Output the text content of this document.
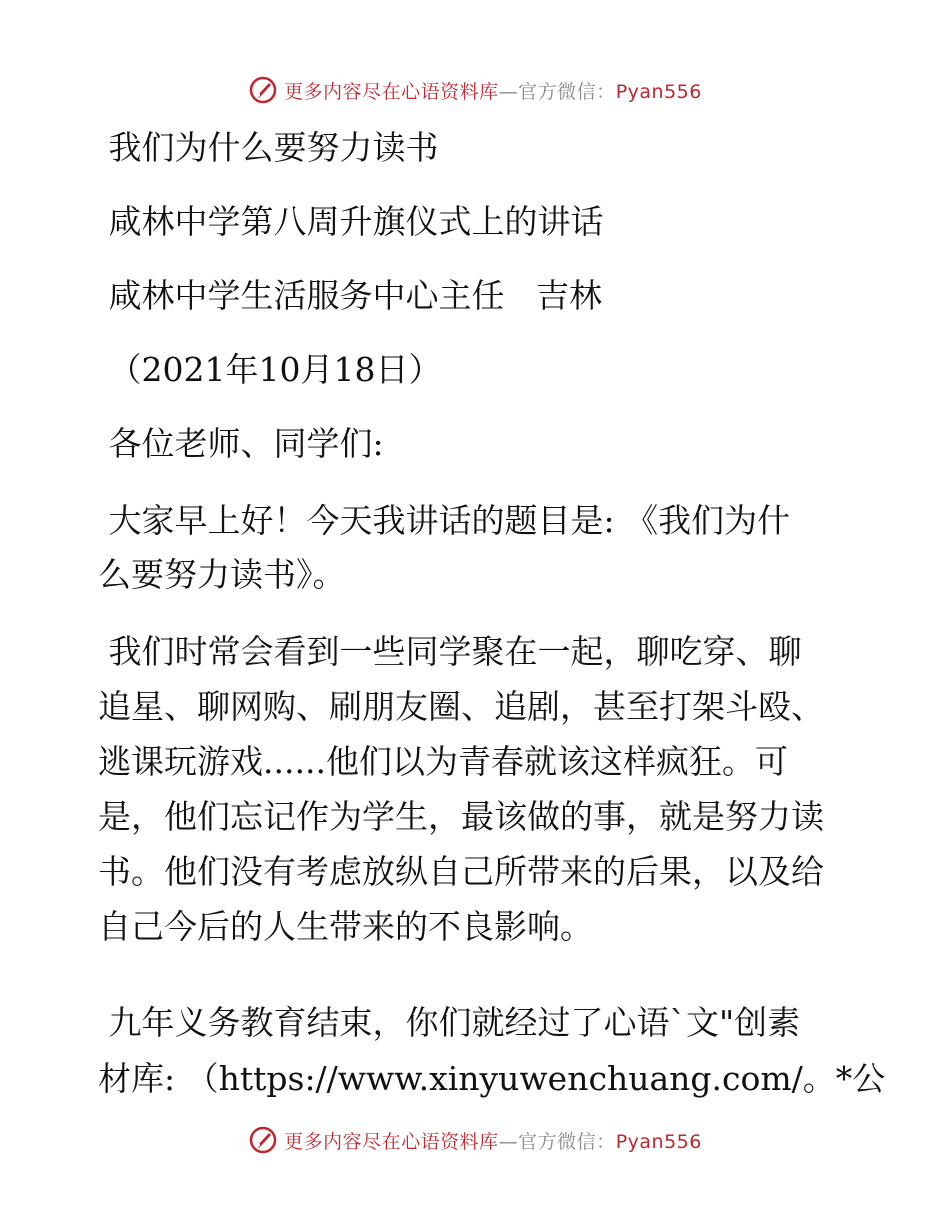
更多内容尽在心语资料库—官方微信：Pyan556
我们为什么要努力读书
咸林中学第八周升旗仪式上的讲话
咸林中学生活服务中心主任   吉林
（2021年10月18日）
各位老师、同学们:
大家早上好！今天我讲话的题目是: 《我们为什
么要努力读书》。
我们时常会看到一些同学聚在一起，聊吃穿、聊
追星、聊网购、刷朋友圈、追剧，甚至打架斗殴、
逃课玩游戏......他们以为青春就该这样疯狂。可
是，他们忘记作为学生，最该做的事，就是努力读
书。他们没有考虑放纵自己所带来的后果，以及给
自己今后的人生带来的不良影响。
九年义务教育结束，你们就经过了心语`文"创素
材库: （https://www.xinyuwenchuang.com/。*公
更多内容尽在心语资料库—官方微信：Pyan556
